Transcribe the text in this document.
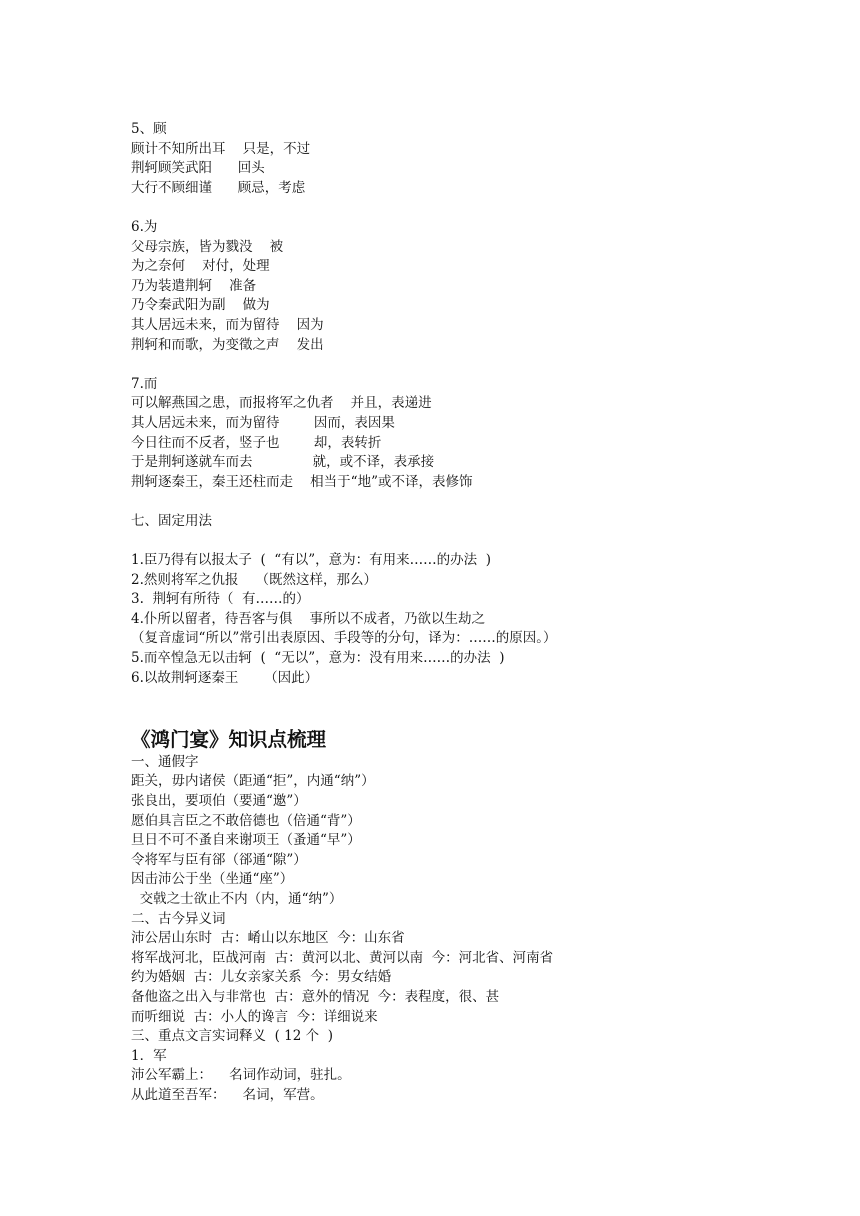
5、顾
顾计不知所出耳    只是，不过
荆轲顾笑武阳      回头
大行不顾细谨      顾忌，考虑
6.为
父母宗族，皆为戮没    被
为之奈何    对付，处理
乃为装遣荆轲    准备
乃令秦武阳为副    做为
其人居远未来，而为留待    因为
荆轲和而歌，为变徵之声    发出
7.而
可以解燕国之患，而报将军之仇者    并且，表递进
其人居远未来，而为留待        因而，表因果
今日往而不反者，竖子也        却，表转折
于是荆轲遂就车而去              就，或不译，表承接
荆轲逐秦王，秦王还柱而走    相当于“地”或不译，表修饰
七、固定用法
1.臣乃得有以报太子  (  “有以”，意为：有用来……的办法  )
2.然则将军之仇报    （既然这样，那么）
3.  荆轲有所待（  有……的）
4.仆所以留者，待吾客与俱    事所以不成者，乃欲以生劫之
（复音虚词“所以”常引出表原因、手段等的分句，译为：……的原因。）
5.而卒惶急无以击轲  (  “无以”，意为：没有用来……的办法  )
6.以故荆轲逐秦王      （因此）
《鸿门宴》知识点梳理
一、通假字
距关，毋内诸侯（距通“拒”，内通“纳”）
张良出，要项伯（要通“邀”）
愿伯具言臣之不敢倍德也（倍通“背”）
旦日不可不蚤自来谢项王（蚤通“早”）
令将军与臣有郤（郤通“隙”）
因击沛公于坐（坐通“座”）
交戟之士欲止不内（内，通“纳”）
二、古今异义词
沛公居山东时  古：崤山以东地区  今：山东省
将军战河北，臣战河南  古：黄河以北、黄河以南  今：河北省、河南省
约为婚姻  古：儿女亲家关系  今：男女结婚
备他盗之出入与非常也  古：意外的情况  今：表程度，很、甚
而听细说  古：小人的谗言  今：详细说来
三、重点文言实词释义  ( 12 个  )
1．军
沛公军霸上：    名词作动词，驻扎。
从此道至吾军：    名词，军营。
